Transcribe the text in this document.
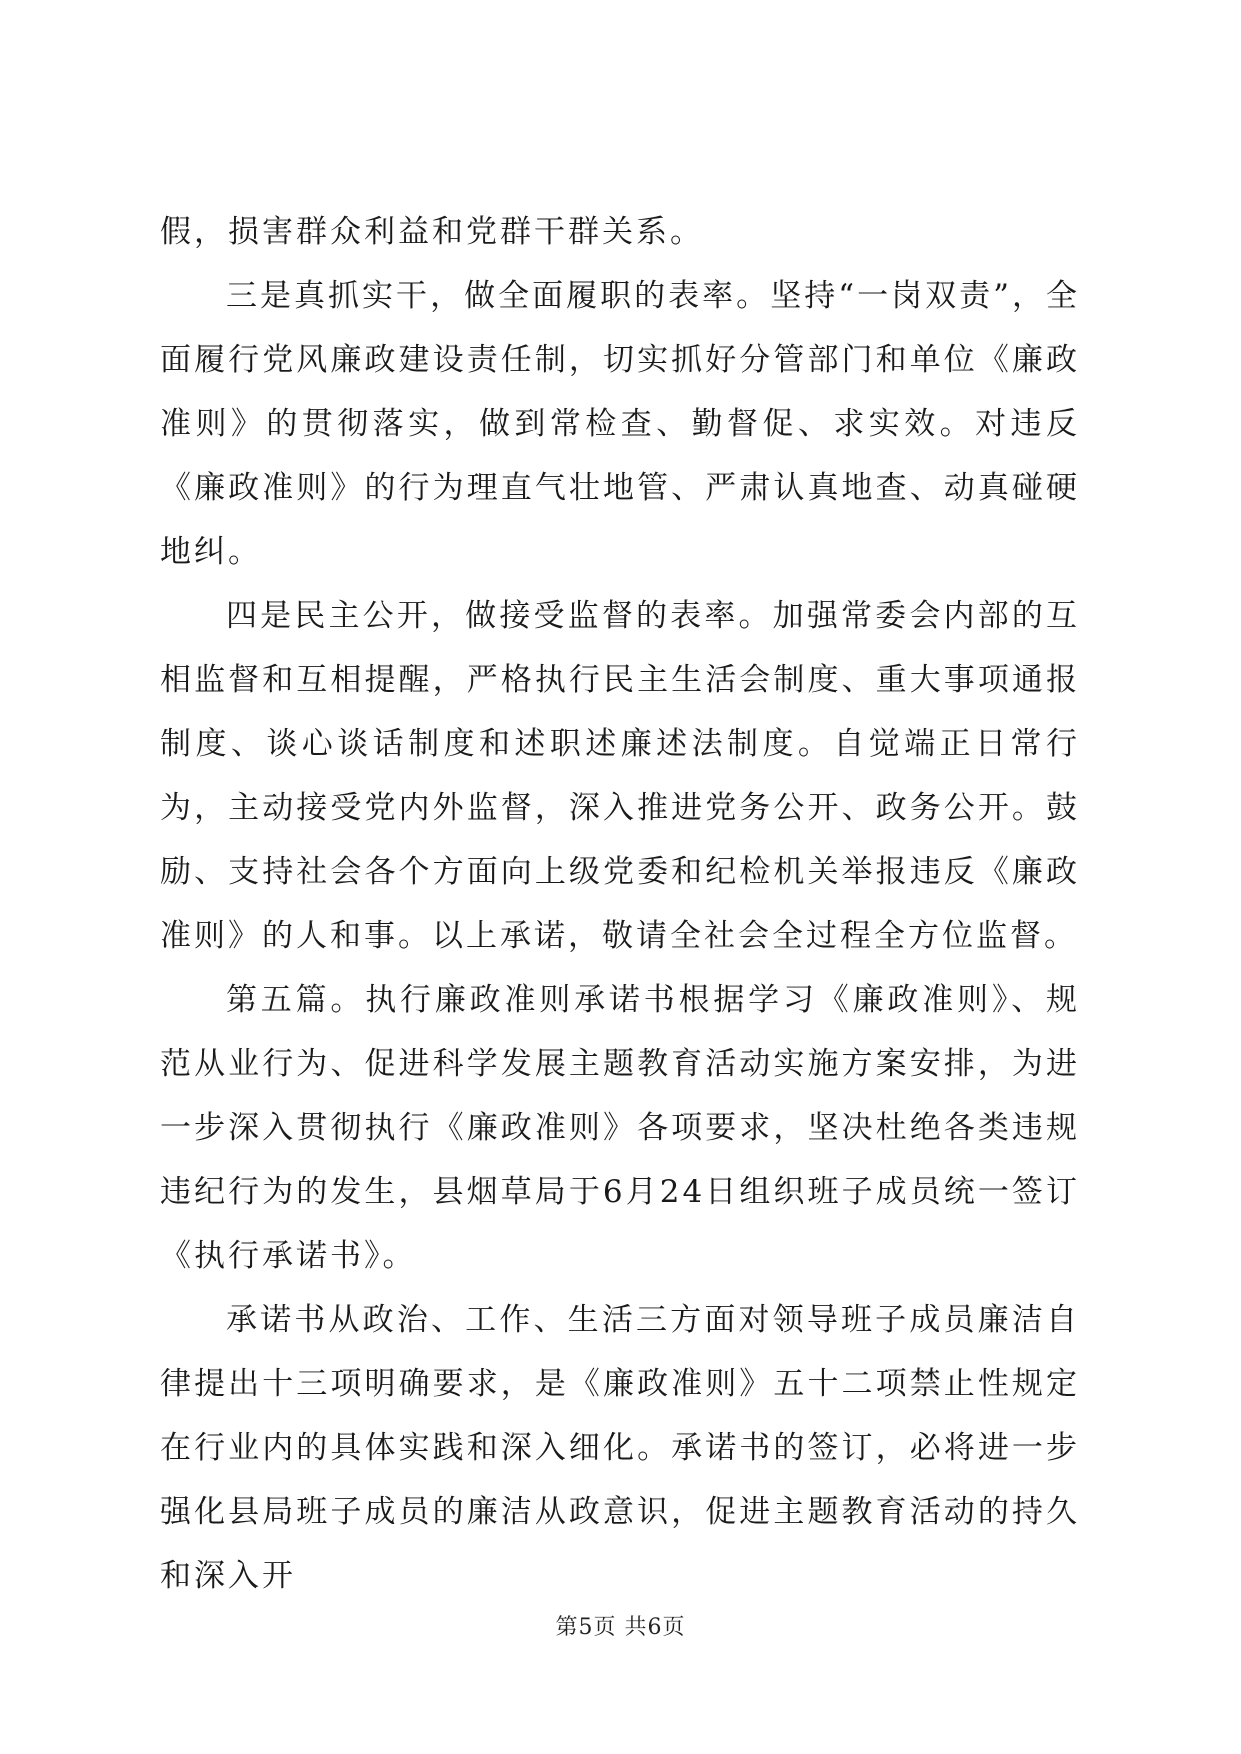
假，损害群众利益和党群干群关系。

三是真抓实干，做全面履职的表率。坚持“一岗双责”，全面履行党风廉政建设责任制，切实抓好分管部门和单位《廉政准则》的贯彻落实，做到常检查、勤督促、求实效。对违反《廉政准则》的行为理直气壮地管、严肃认真地查、动真碰硬地纠。

四是民主公开，做接受监督的表率。加强常委会内部的互相监督和互相提醒，严格执行民主生活会制度、重大事项通报制度、谈心谈话制度和述职述廉述法制度。自觉端正日常行为，主动接受党内外监督，深入推进党务公开、政务公开。鼓励、支持社会各个方面向上级党委和纪检机关举报违反《廉政准则》的人和事。以上承诺，敬请全社会全过程全方位监督。

第五篇。执行廉政准则承诺书根据学习《廉政准则》、规范从业行为、促进科学发展主题教育活动实施方案安排，为进一步深入贯彻执行《廉政准则》各项要求，坚决杜绝各类违规违纪行为的发生，县烟草局于6月24日组织班子成员统一签订《执行承诺书》。

承诺书从政治、工作、生活三方面对领导班子成员廉洁自律提出十三项明确要求，是《廉政准则》五十二项禁止性规定在行业内的具体实践和深入细化。承诺书的签订，必将进一步强化县局班子成员的廉洁从政意识，促进主题教育活动的持久和深入开

第5页 共6页
